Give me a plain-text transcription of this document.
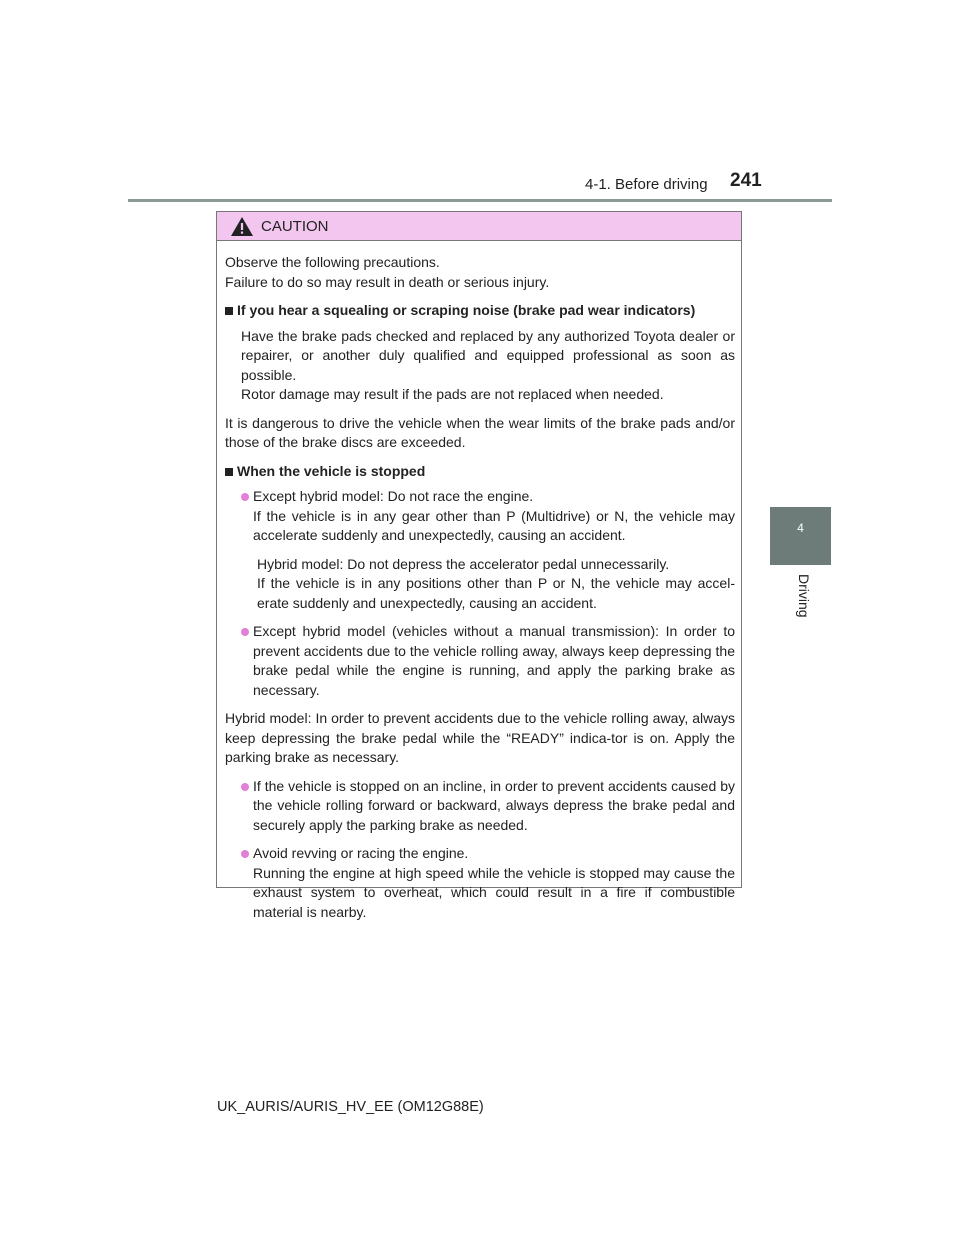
4-1. Before driving 241
4
Driving
CAUTION

Observe the following precautions.

Failure to do so may result in death or serious injury.

If you hear a squealing or scraping noise (brake pad wear indicators)

Have the brake pads checked and replaced by any authorized Toyota dealer or repairer, or another duly qualified and equipped professional as soon as possible.

Rotor damage may result if the pads are not replaced when needed.

It is dangerous to drive the vehicle when the wear limits of the brake pads and/or those of the brake discs are exceeded.

When the vehicle is stopped

Except hybrid model: Do not race the engine.

If the vehicle is in any gear other than P (Multidrive) or N, the vehicle may accelerate suddenly and unexpectedly, causing an accident.

Hybrid model: Do not depress the accelerator pedal unnecessarily.

If the vehicle is in any positions other than P or N, the vehicle may accel-erate suddenly and unexpectedly, causing an accident.

Except hybrid model (vehicles without a manual transmission): In order to prevent accidents due to the vehicle rolling away, always keep depressing the brake pedal while the engine is running, and apply the parking brake as necessary.

Hybrid model: In order to prevent accidents due to the vehicle rolling away, always keep depressing the brake pedal while the “READY” indica-tor is on. Apply the parking brake as necessary.

If the vehicle is stopped on an incline, in order to prevent accidents caused by the vehicle rolling forward or backward, always depress the brake pedal and securely apply the parking brake as needed.

Avoid revving or racing the engine.

Running the engine at high speed while the vehicle is stopped may cause the exhaust system to overheat, which could result in a fire if combustible material is nearby.

UK_AURIS/AURIS_HV_EE (OM12G88E)
